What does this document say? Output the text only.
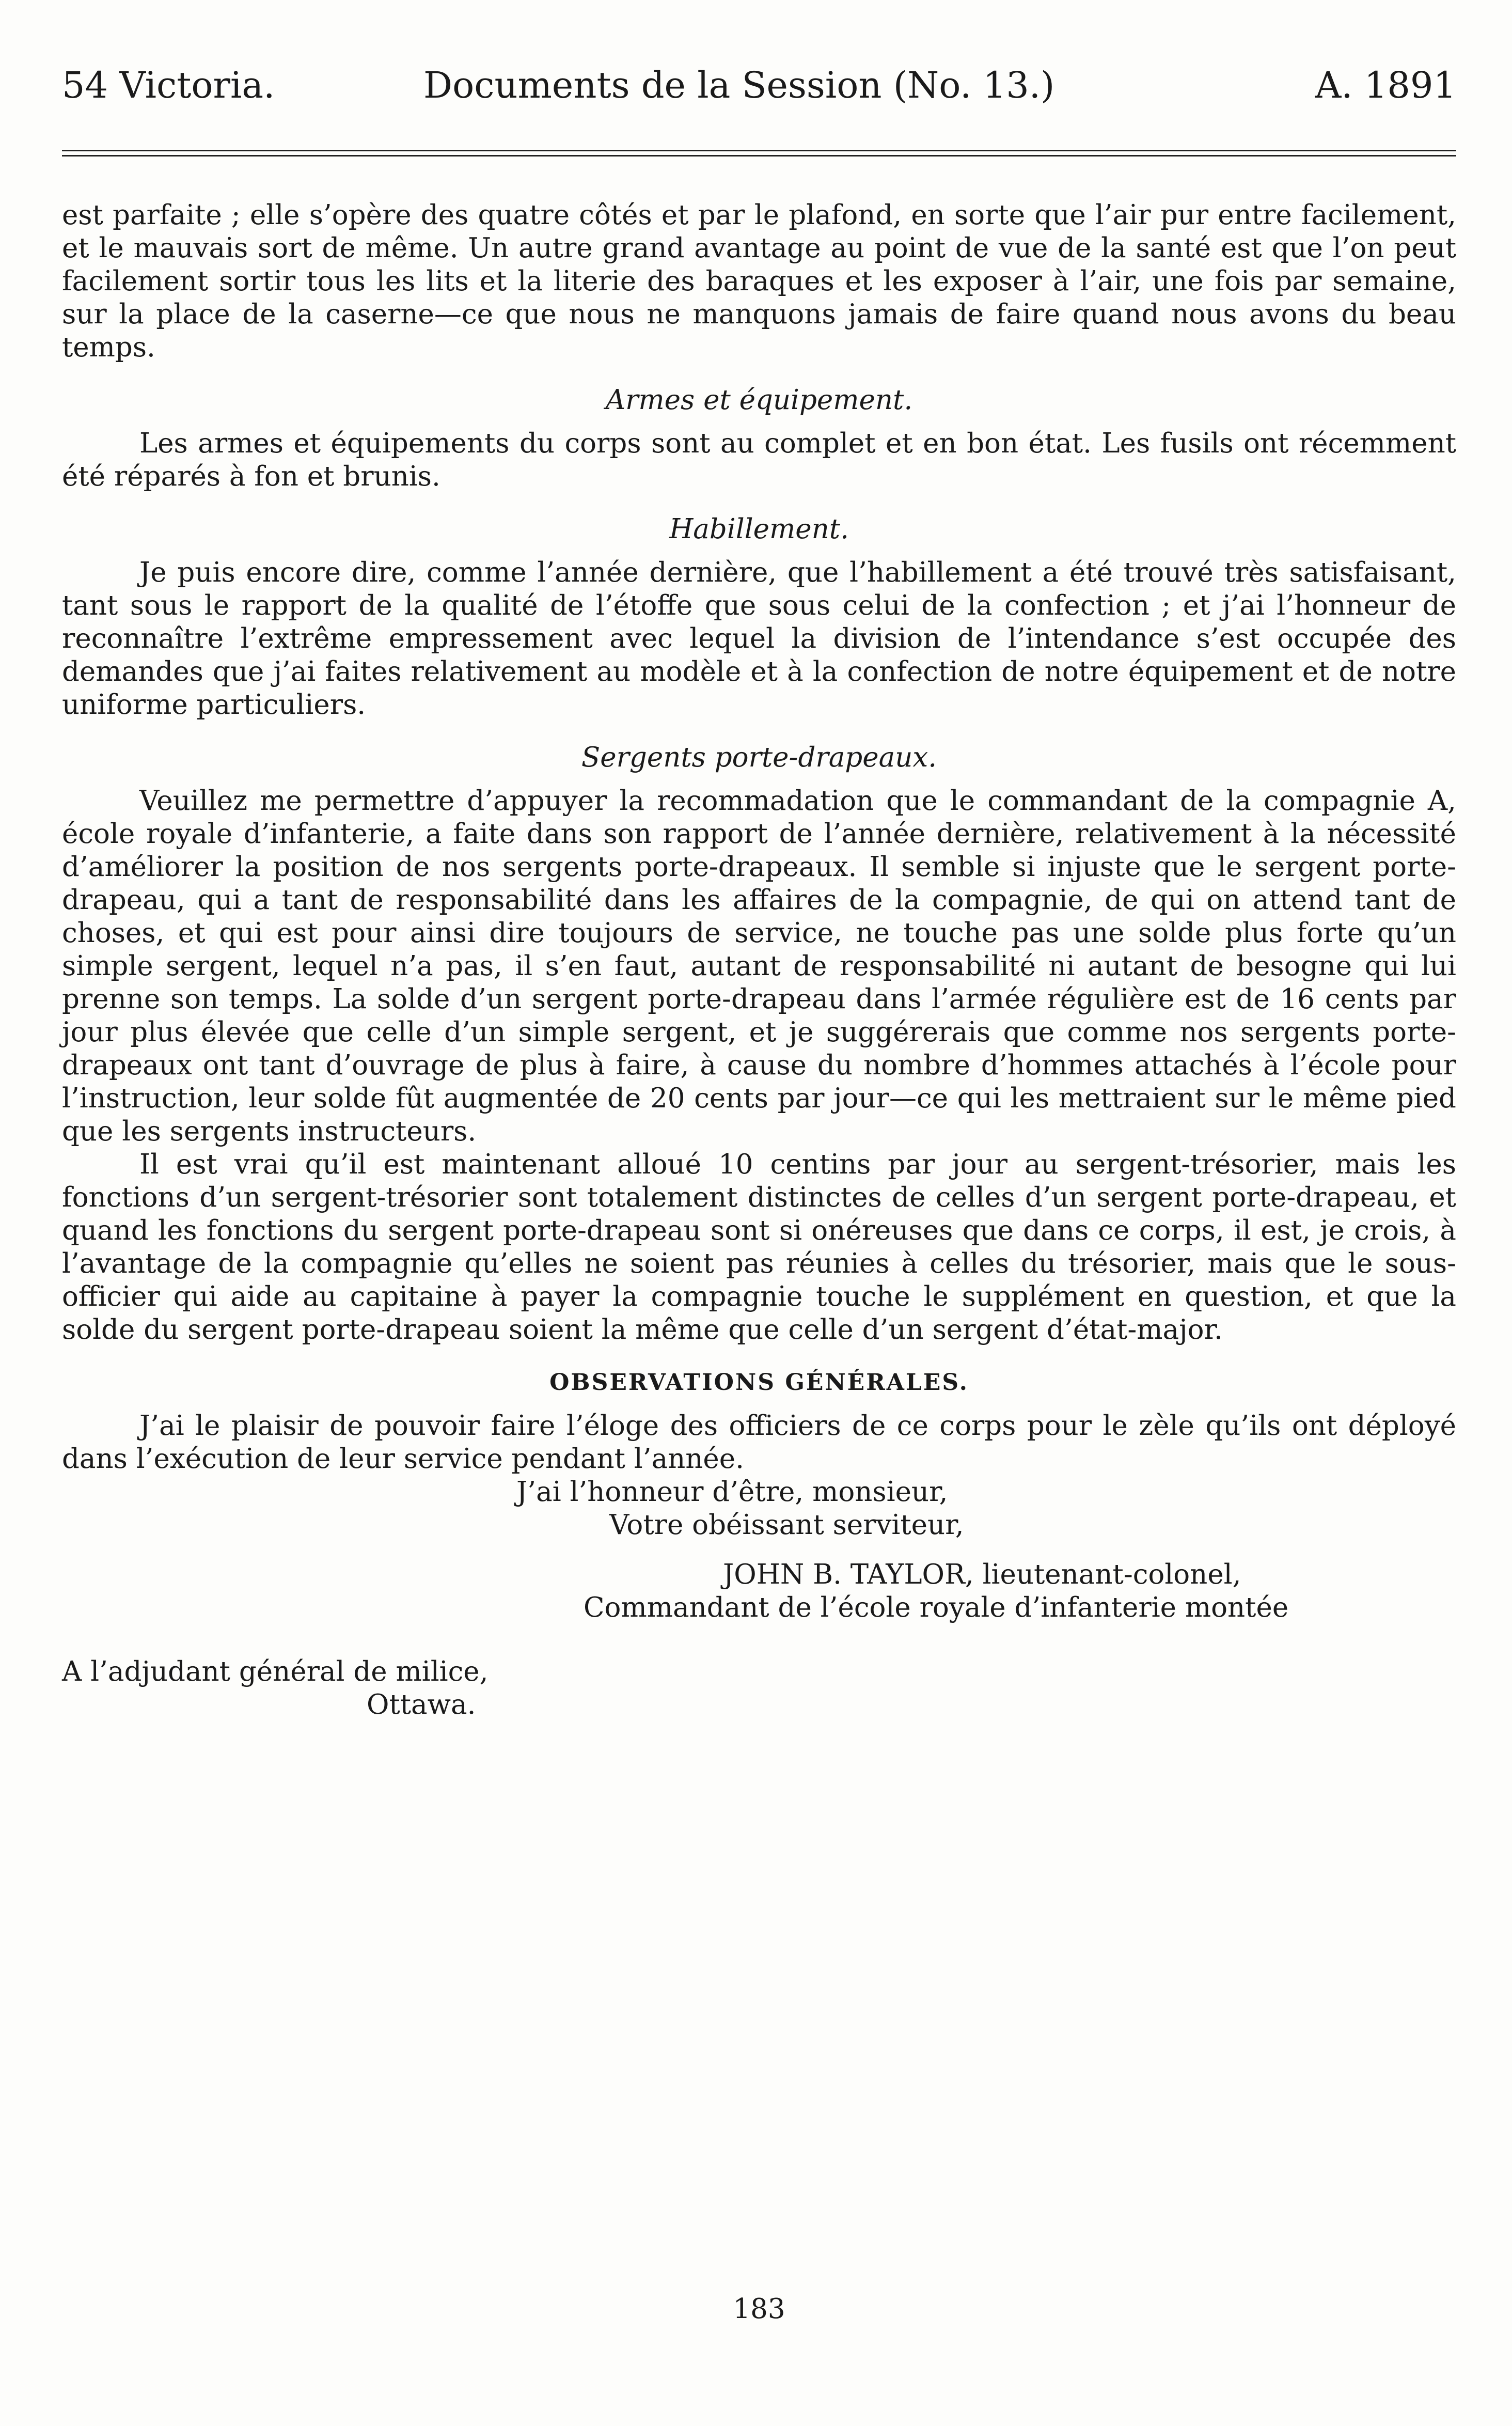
54 Victoria.	Documents de la Session (No. 13.)	A. 1891

est parfaite ; elle s’opère des quatre côtés et par le plafond, en sorte que l’air pur entre facilement, et le mauvais sort de même. Un autre grand avantage au point de vue de la santé est que l’on peut facilement sortir tous les lits et la literie des baraques et les exposer à l’air, une fois par semaine, sur la place de la caserne—ce que nous ne manquons jamais de faire quand nous avons du beau temps.

Armes et équipement.

Les armes et équipements du corps sont au complet et en bon état. Les fusils ont récemment été réparés à fon et brunis.

Habillement.

Je puis encore dire, comme l’année dernière, que l’habillement a été trouvé très satisfaisant, tant sous le rapport de la qualité de l’étoffe que sous celui de la confection ; et j’ai l’honneur de reconnaître l’extrême empressement avec lequel la division de l’intendance s’est occupée des demandes que j’ai faites relativement au modèle et à la confection de notre équipement et de notre uniforme particuliers.

Sergents porte-drapeaux.

Veuillez me permettre d’appuyer la recommadation que le commandant de la compagnie A, école royale d’infanterie, a faite dans son rapport de l’année dernière, relativement à la nécessité d’améliorer la position de nos sergents porte-drapeaux. Il semble si injuste que le sergent porte-drapeau, qui a tant de responsabilité dans les affaires de la compagnie, de qui on attend tant de choses, et qui est pour ainsi dire toujours de service, ne touche pas une solde plus forte qu’un simple sergent, lequel n’a pas, il s’en faut, autant de responsabilité ni autant de besogne qui lui prenne son temps. La solde d’un sergent porte-drapeau dans l’armée régulière est de 16 cents par jour plus élevée que celle d’un simple sergent, et je suggérerais que comme nos sergents porte-drapeaux ont tant d’ouvrage de plus à faire, à cause du nombre d’hommes attachés à l’école pour l’instruction, leur solde fût augmentée de 20 cents par jour—ce qui les mettraient sur le même pied que les sergents instructeurs.

Il est vrai qu’il est maintenant alloué 10 centins par jour au sergent-trésorier, mais les fonctions d’un sergent-trésorier sont totalement distinctes de celles d’un sergent porte-drapeau, et quand les fonctions du sergent porte-drapeau sont si onéreuses que dans ce corps, il est, je crois, à l’avantage de la compagnie qu’elles ne soient pas réunies à celles du trésorier, mais que le sous-officier qui aide au capitaine à payer la compagnie touche le supplément en question, et que la solde du sergent porte-drapeau soient la même que celle d’un sergent d’état-major.

OBSERVATIONS GÉNÉRALES.

J’ai le plaisir de pouvoir faire l’éloge des officiers de ce corps pour le zèle qu’ils ont déployé dans l’exécution de leur service pendant l’année.

J’ai l’honneur d’être, monsieur,

Votre obéissant serviteur,

JOHN B. TAYLOR, lieutenant-colonel,

Commandant de l’école royale d’infanterie montée

A l’adjudant général de milice,

Ottawa.

183
